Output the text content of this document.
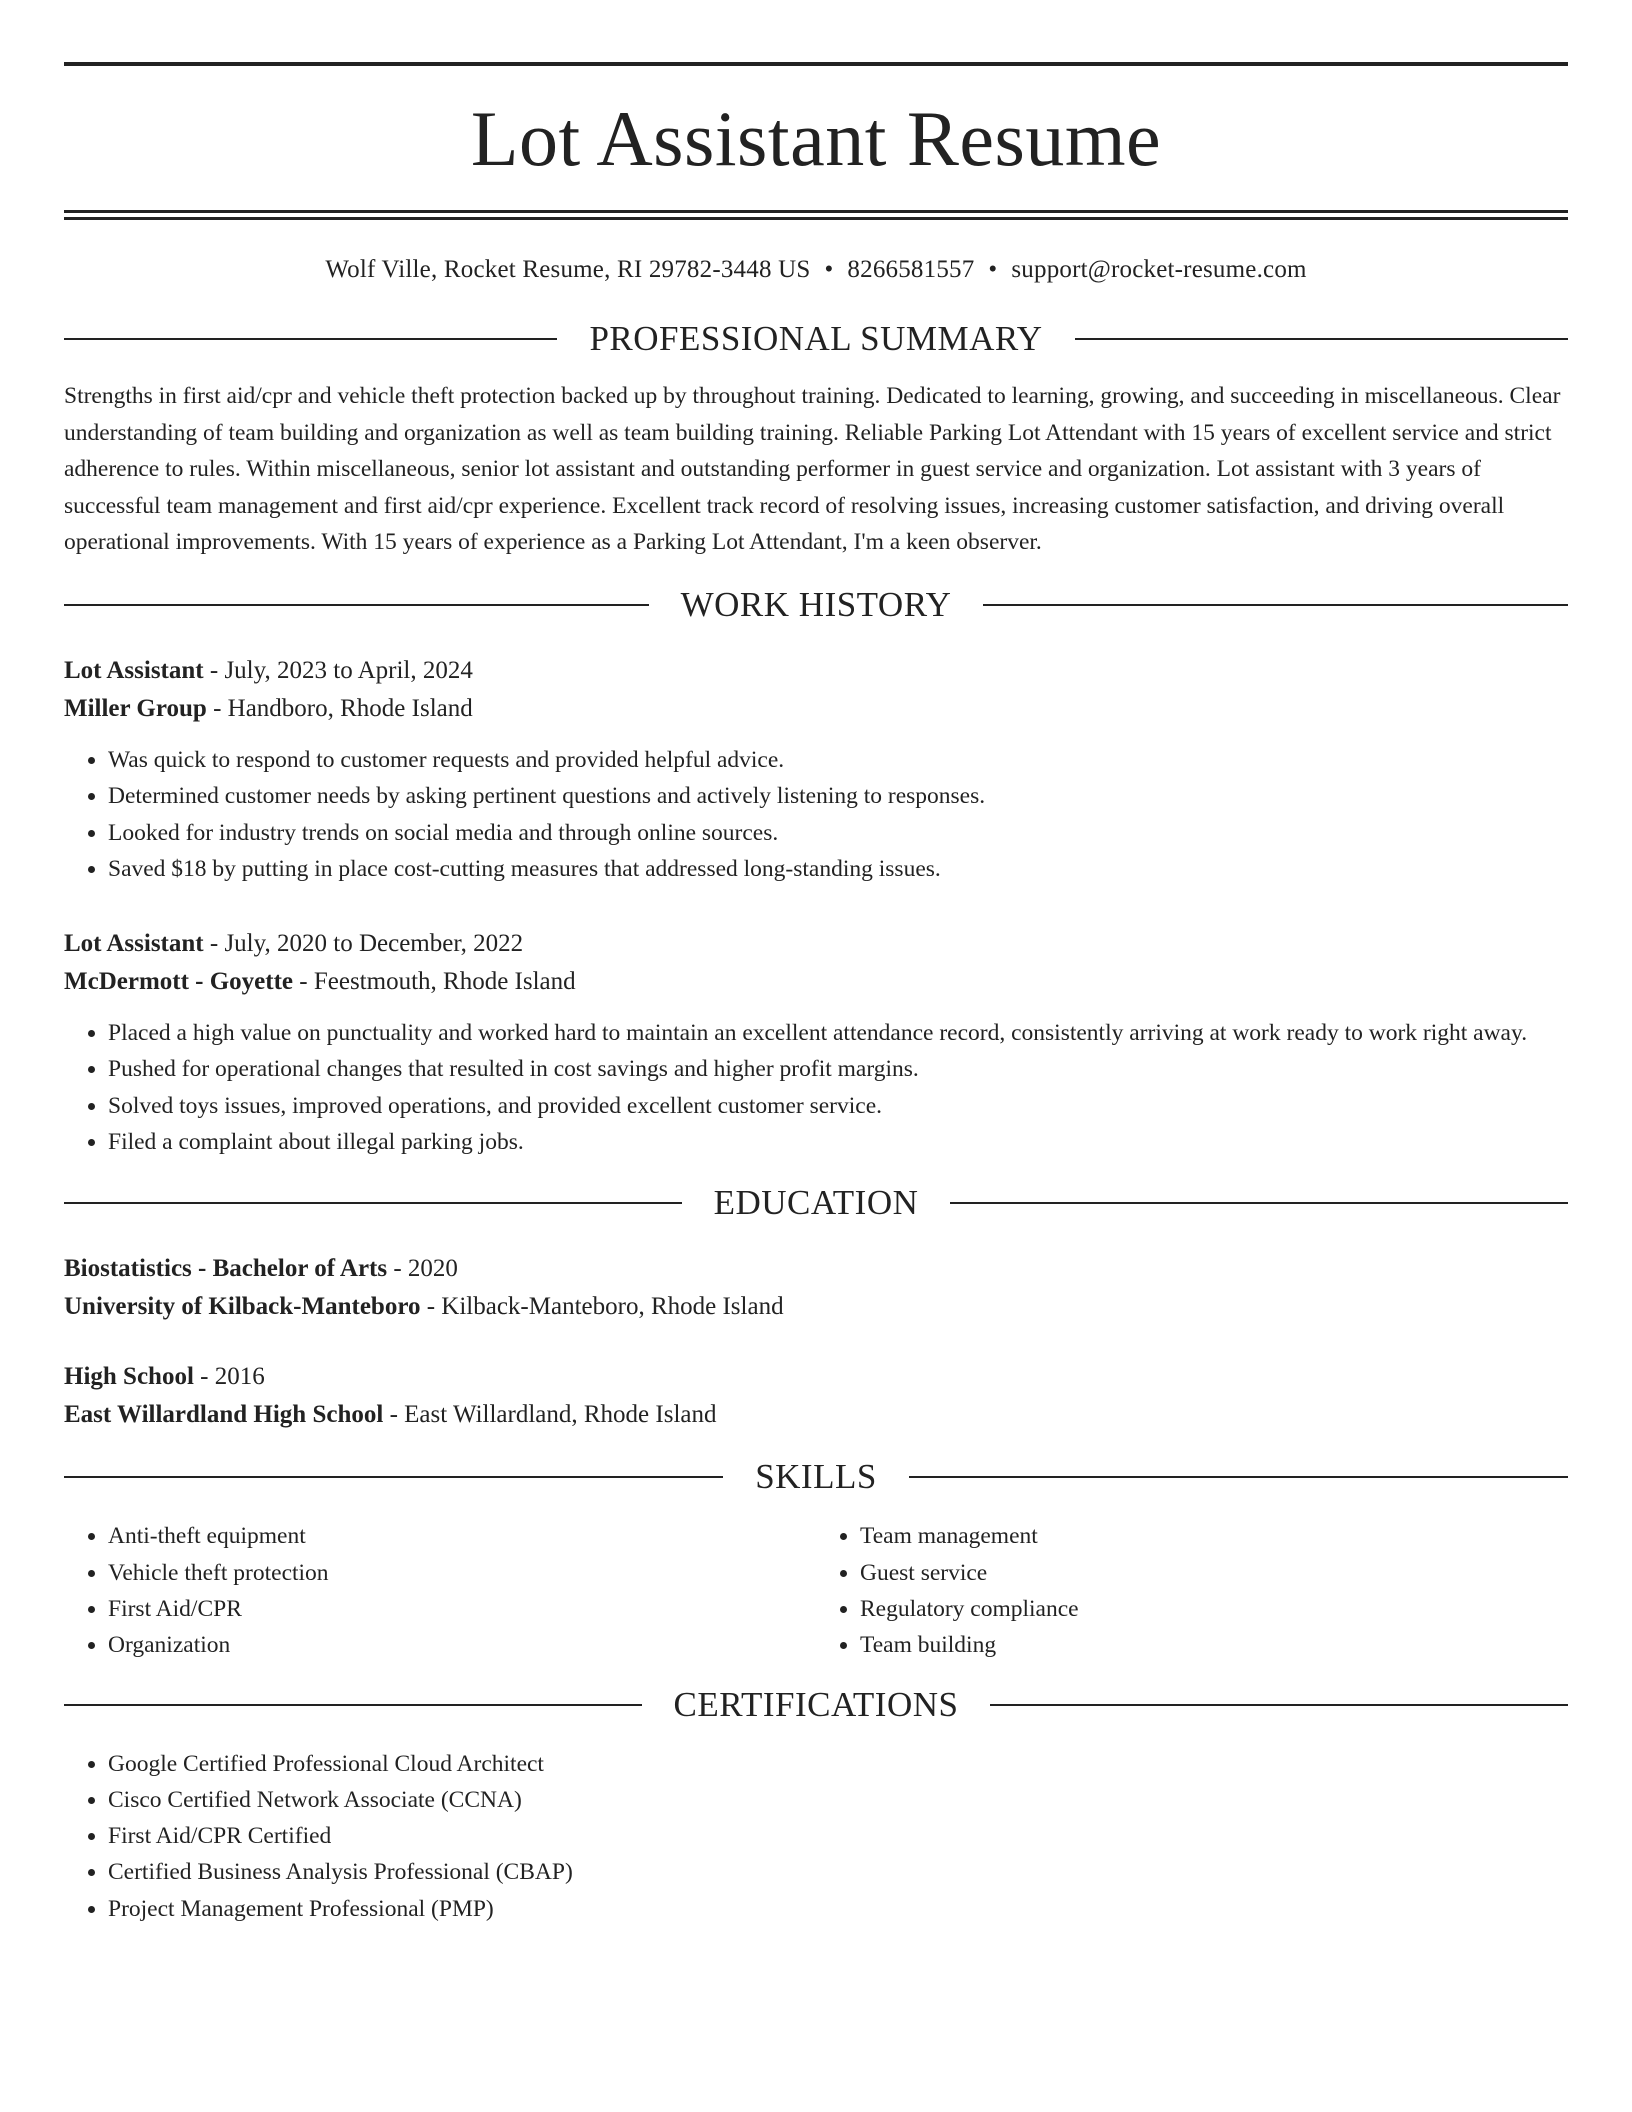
Lot Assistant Resume
Wolf Ville, Rocket Resume, RI 29782-3448 US • 8266581557 • support@rocket-resume.com
PROFESSIONAL SUMMARY

Strengths in first aid/cpr and vehicle theft protection backed up by throughout training. Dedicated to learning, growing, and succeeding in miscellaneous. Clear understanding of team building and organization as well as team building training. Reliable Parking Lot Attendant with 15 years of excellent service and strict adherence to rules. Within miscellaneous, senior lot assistant and outstanding performer in guest service and organization. Lot assistant with 3 years of successful team management and first aid/cpr experience. Excellent track record of resolving issues, increasing customer satisfaction, and driving overall operational improvements. With 15 years of experience as a Parking Lot Attendant, I'm a keen observer.

WORK HISTORY
Lot Assistant - July, 2023 to April, 2024
Miller Group - Handboro, Rhode Island
• Was quick to respond to customer requests and provided helpful advice.
• Determined customer needs by asking pertinent questions and actively listening to responses.
• Looked for industry trends on social media and through online sources.
• Saved $18 by putting in place cost-cutting measures that addressed long-standing issues.
Lot Assistant - July, 2020 to December, 2022
McDermott - Goyette - Feestmouth, Rhode Island
• Placed a high value on punctuality and worked hard to maintain an excellent attendance record, consistently arriving at work ready to work right away.
• Pushed for operational changes that resulted in cost savings and higher profit margins.
• Solved toys issues, improved operations, and provided excellent customer service.
• Filed a complaint about illegal parking jobs.
EDUCATION
Biostatistics - Bachelor of Arts - 2020
University of Kilback-Manteboro - Kilback-Manteboro, Rhode Island
High School - 2016
East Willardland High School - East Willardland, Rhode Island
SKILLS
• Anti-theft equipment
• Vehicle theft protection
• First Aid/CPR
• Organization
• Team management
• Guest service
• Regulatory compliance
• Team building
CERTIFICATIONS
• Google Certified Professional Cloud Architect
• Cisco Certified Network Associate (CCNA)
• First Aid/CPR Certified
• Certified Business Analysis Professional (CBAP)
• Project Management Professional (PMP)
